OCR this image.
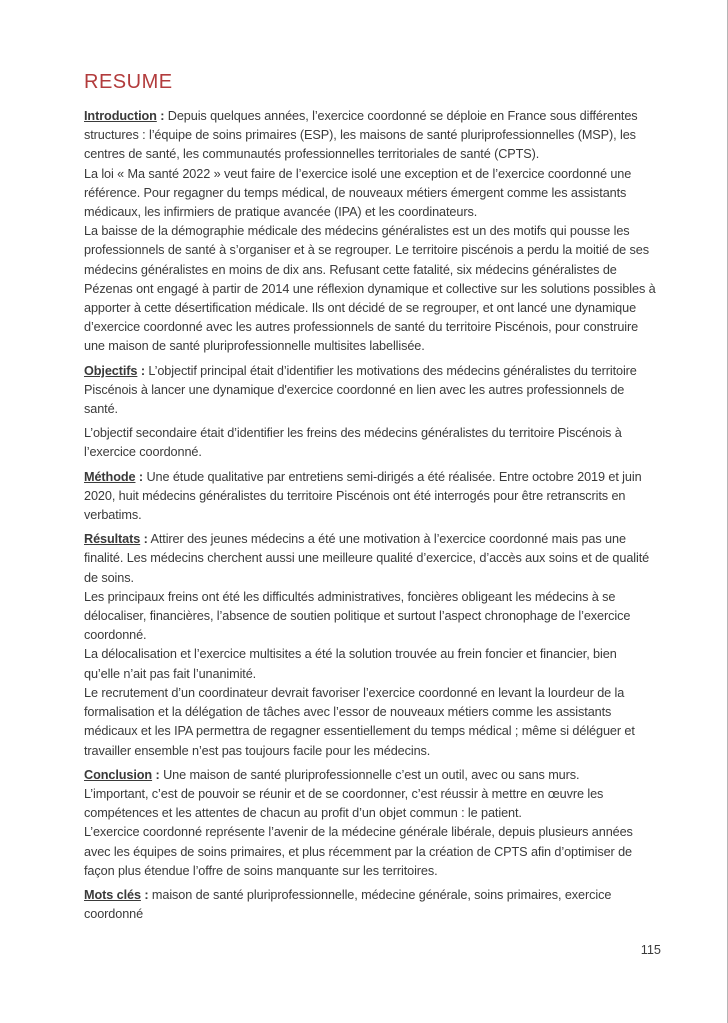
RESUME

Introduction : Depuis quelques années, l’exercice coordonné se déploie en France sous différentes structures : l’équipe de soins primaires (ESP), les maisons de santé pluriprofessionnelles (MSP), les centres de santé, les communautés professionnelles territoriales de santé (CPTS).

La loi « Ma santé 2022 » veut faire de l’exercice isolé une exception et de l’exercice coordonné une référence. Pour regagner du temps médical, de nouveaux métiers émergent comme les assistants médicaux, les infirmiers de pratique avancée (IPA) et les coordinateurs.

La baisse de la démographie médicale des médecins généralistes est un des motifs qui pousse les professionnels de santé à s’organiser et à se regrouper. Le territoire piscénois a perdu la moitié de ses médecins généralistes en moins de dix ans. Refusant cette fatalité, six médecins généralistes de Pézenas ont engagé à partir de 2014 une réflexion dynamique et collective sur les solutions possibles à apporter à cette désertification médicale. Ils ont décidé de se regrouper, et ont lancé une dynamique d’exercice coordonné avec les autres professionnels de santé du territoire Piscénois, pour construire une maison de santé pluriprofessionnelle multisites labellisée.

Objectifs : L’objectif principal était d’identifier les motivations des médecins généralistes du territoire Piscénois à lancer une dynamique d'exercice coordonné en lien avec les autres professionnels de santé.

L’objectif secondaire était d’identifier les freins des médecins généralistes du territoire Piscénois à l’exercice coordonné.

Méthode : Une étude qualitative par entretiens semi-dirigés a été réalisée. Entre octobre 2019 et juin 2020, huit médecins généralistes du territoire Piscénois ont été interrogés pour être retranscrits en verbatims.

Résultats : Attirer des jeunes médecins a été une motivation à l’exercice coordonné mais pas une finalité. Les médecins cherchent aussi une meilleure qualité d’exercice, d’accès aux soins et de qualité de soins.

Les principaux freins ont été les difficultés administratives, foncières obligeant les médecins à se délocaliser, financières, l’absence de soutien politique et surtout l’aspect chronophage de l’exercice coordonné.

La délocalisation et l’exercice multisites a été la solution trouvée au frein foncier et financier, bien qu’elle n’ait pas fait l’unanimité.

Le recrutement d’un coordinateur devrait favoriser l’exercice coordonné en levant la lourdeur de la formalisation et la délégation de tâches avec l’essor de nouveaux métiers comme les assistants médicaux et les IPA permettra de regagner essentiellement du temps médical ; même si déléguer et travailler ensemble n’est pas toujours facile pour les médecins.

Conclusion : Une maison de santé pluriprofessionnelle c’est un outil, avec ou sans murs.

L’important, c’est de pouvoir se réunir et de se coordonner, c’est réussir à mettre en œuvre les compétences et les attentes de chacun au profit d’un objet commun : le patient.

L’exercice coordonné représente l’avenir de la médecine générale libérale, depuis plusieurs années avec les équipes de soins primaires, et plus récemment par la création de CPTS afin d’optimiser de façon plus étendue l’offre de soins manquante sur les territoires.

Mots clés : maison de santé pluriprofessionnelle, médecine générale, soins primaires, exercice coordonné

115
